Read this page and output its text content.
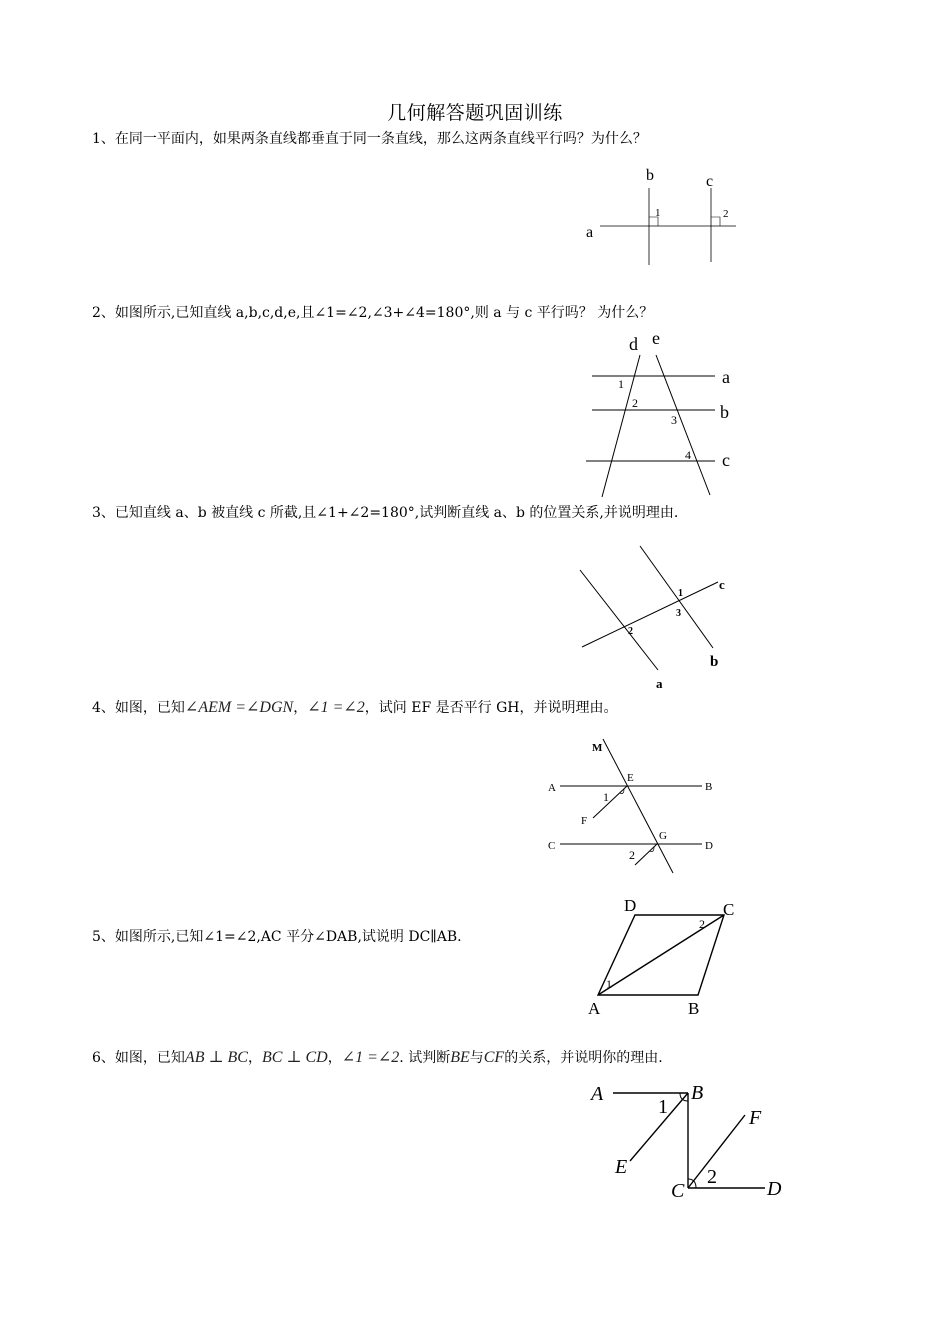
几何解答题巩固训练
1、在同一平面内，如果两条直线都垂直于同一条直线，那么这两条直线平行吗？为什么？
a
b	c
1	2
2、如图所示,已知直线 a,b,c,d,e,且∠1=∠2,∠3+∠4=180°,则 a 与 c 平行吗？ 为什么？
d e
a
b
c
1
2
3
4
3、已知直线 a、b 被直线 c 所截,且∠1+∠2=180°,试判断直线 a、b 的位置关系,并说明理由.
a
b
c
1
2
3
4、如图，已知∠AEM =∠DGN，∠1 =∠2，试问 EF 是否平行 GH，并说明理由。
M
E
A	B
1
F
G
C	D
2
5、如图所示,已知∠1=∠2,AC 平分∠DAB,试说明 DC∥AB.
D	C
A	B
1
2
6、如图，已知AB ⊥ BC，BC ⊥ CD，∠1 =∠2. 试判断BE与CF的关系，并说明你的理由.
A	B
1	F
E	2
C	D
